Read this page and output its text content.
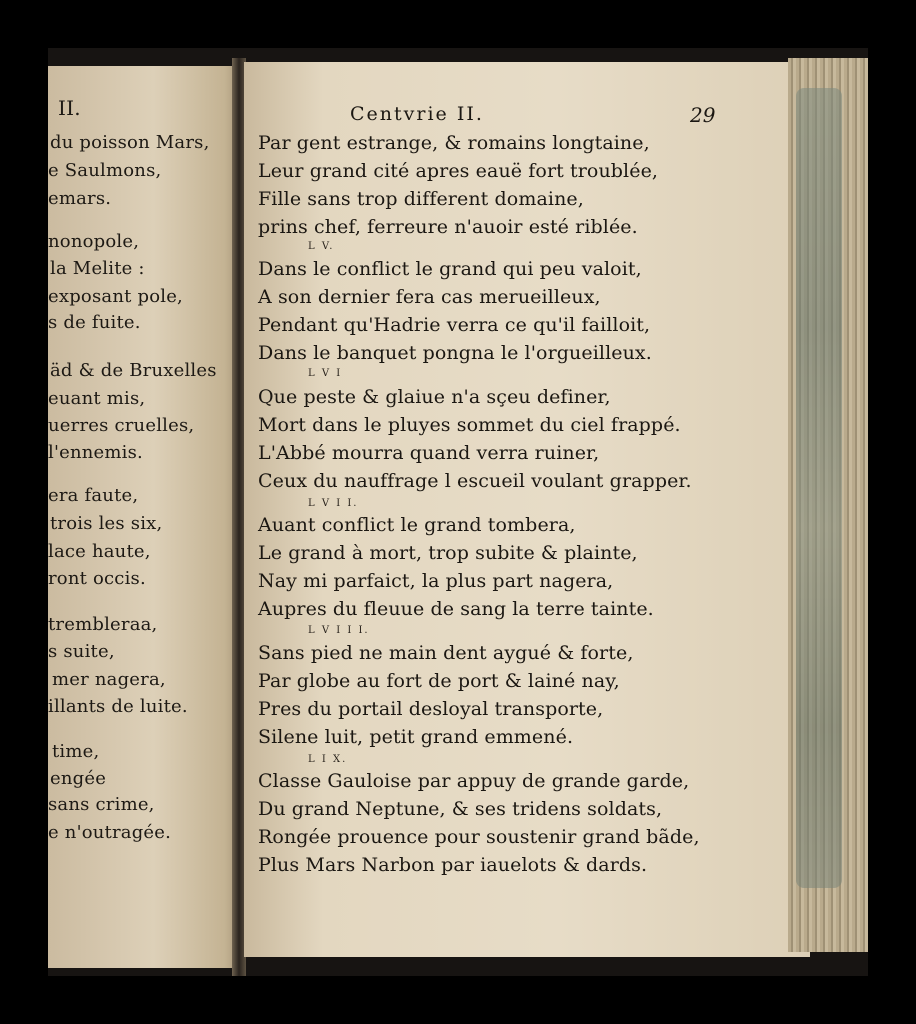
II.
du poisson Mars,
e Saulmons,
emars.
nonopole,
la Melite :
exposant pole,
s de fuite.
äd & de Bruxelles
euant mis,
uerres cruelles,
l'ennemis.
era faute,
trois les six,
lace haute,
ront occis.
trembleraa,
s suite,
mer nagera,
illants de luite.
time,
engée
sans crime,
e n'outragée.
Centvrie II.	29
Par gent estrange, & romains longtaine,
Leur grand cité apres eauë fort troublée,
Fille sans trop different domaine,
prins chef, ferreure n'auoir esté riblée.
L V.
Dans le conflict le grand qui peu valoit,
A son dernier fera cas merueilleux,
Pendant qu'Hadrie verra ce qu'il failloit,
Dans le banquet pongna le l'orgueilleux.
L V I
Que peste & glaiue n'a sçeu definer,
Mort dans le pluyes sommet du ciel frappé.
L'Abbé mourra quand verra ruiner,
Ceux du nauffrage l escueil voulant grapper.
L V I I.
Auant conflict le grand tombera,
Le grand à mort, trop subite & plainte,
Nay mi parfaict, la plus part nagera,
Aupres du fleuue de sang la terre tainte.
L V I I I.
Sans pied ne main dent aygué & forte,
Par globe au fort de port & lainé nay,
Pres du portail desloyal transporte,
Silene luit, petit grand emmené.
L I X.
Classe Gauloise par appuy de grande garde,
Du grand Neptune, & ses tridens soldats,
Rongée prouence pour soustenir grand bãde,
Plus Mars Narbon par iauelots & dards.
